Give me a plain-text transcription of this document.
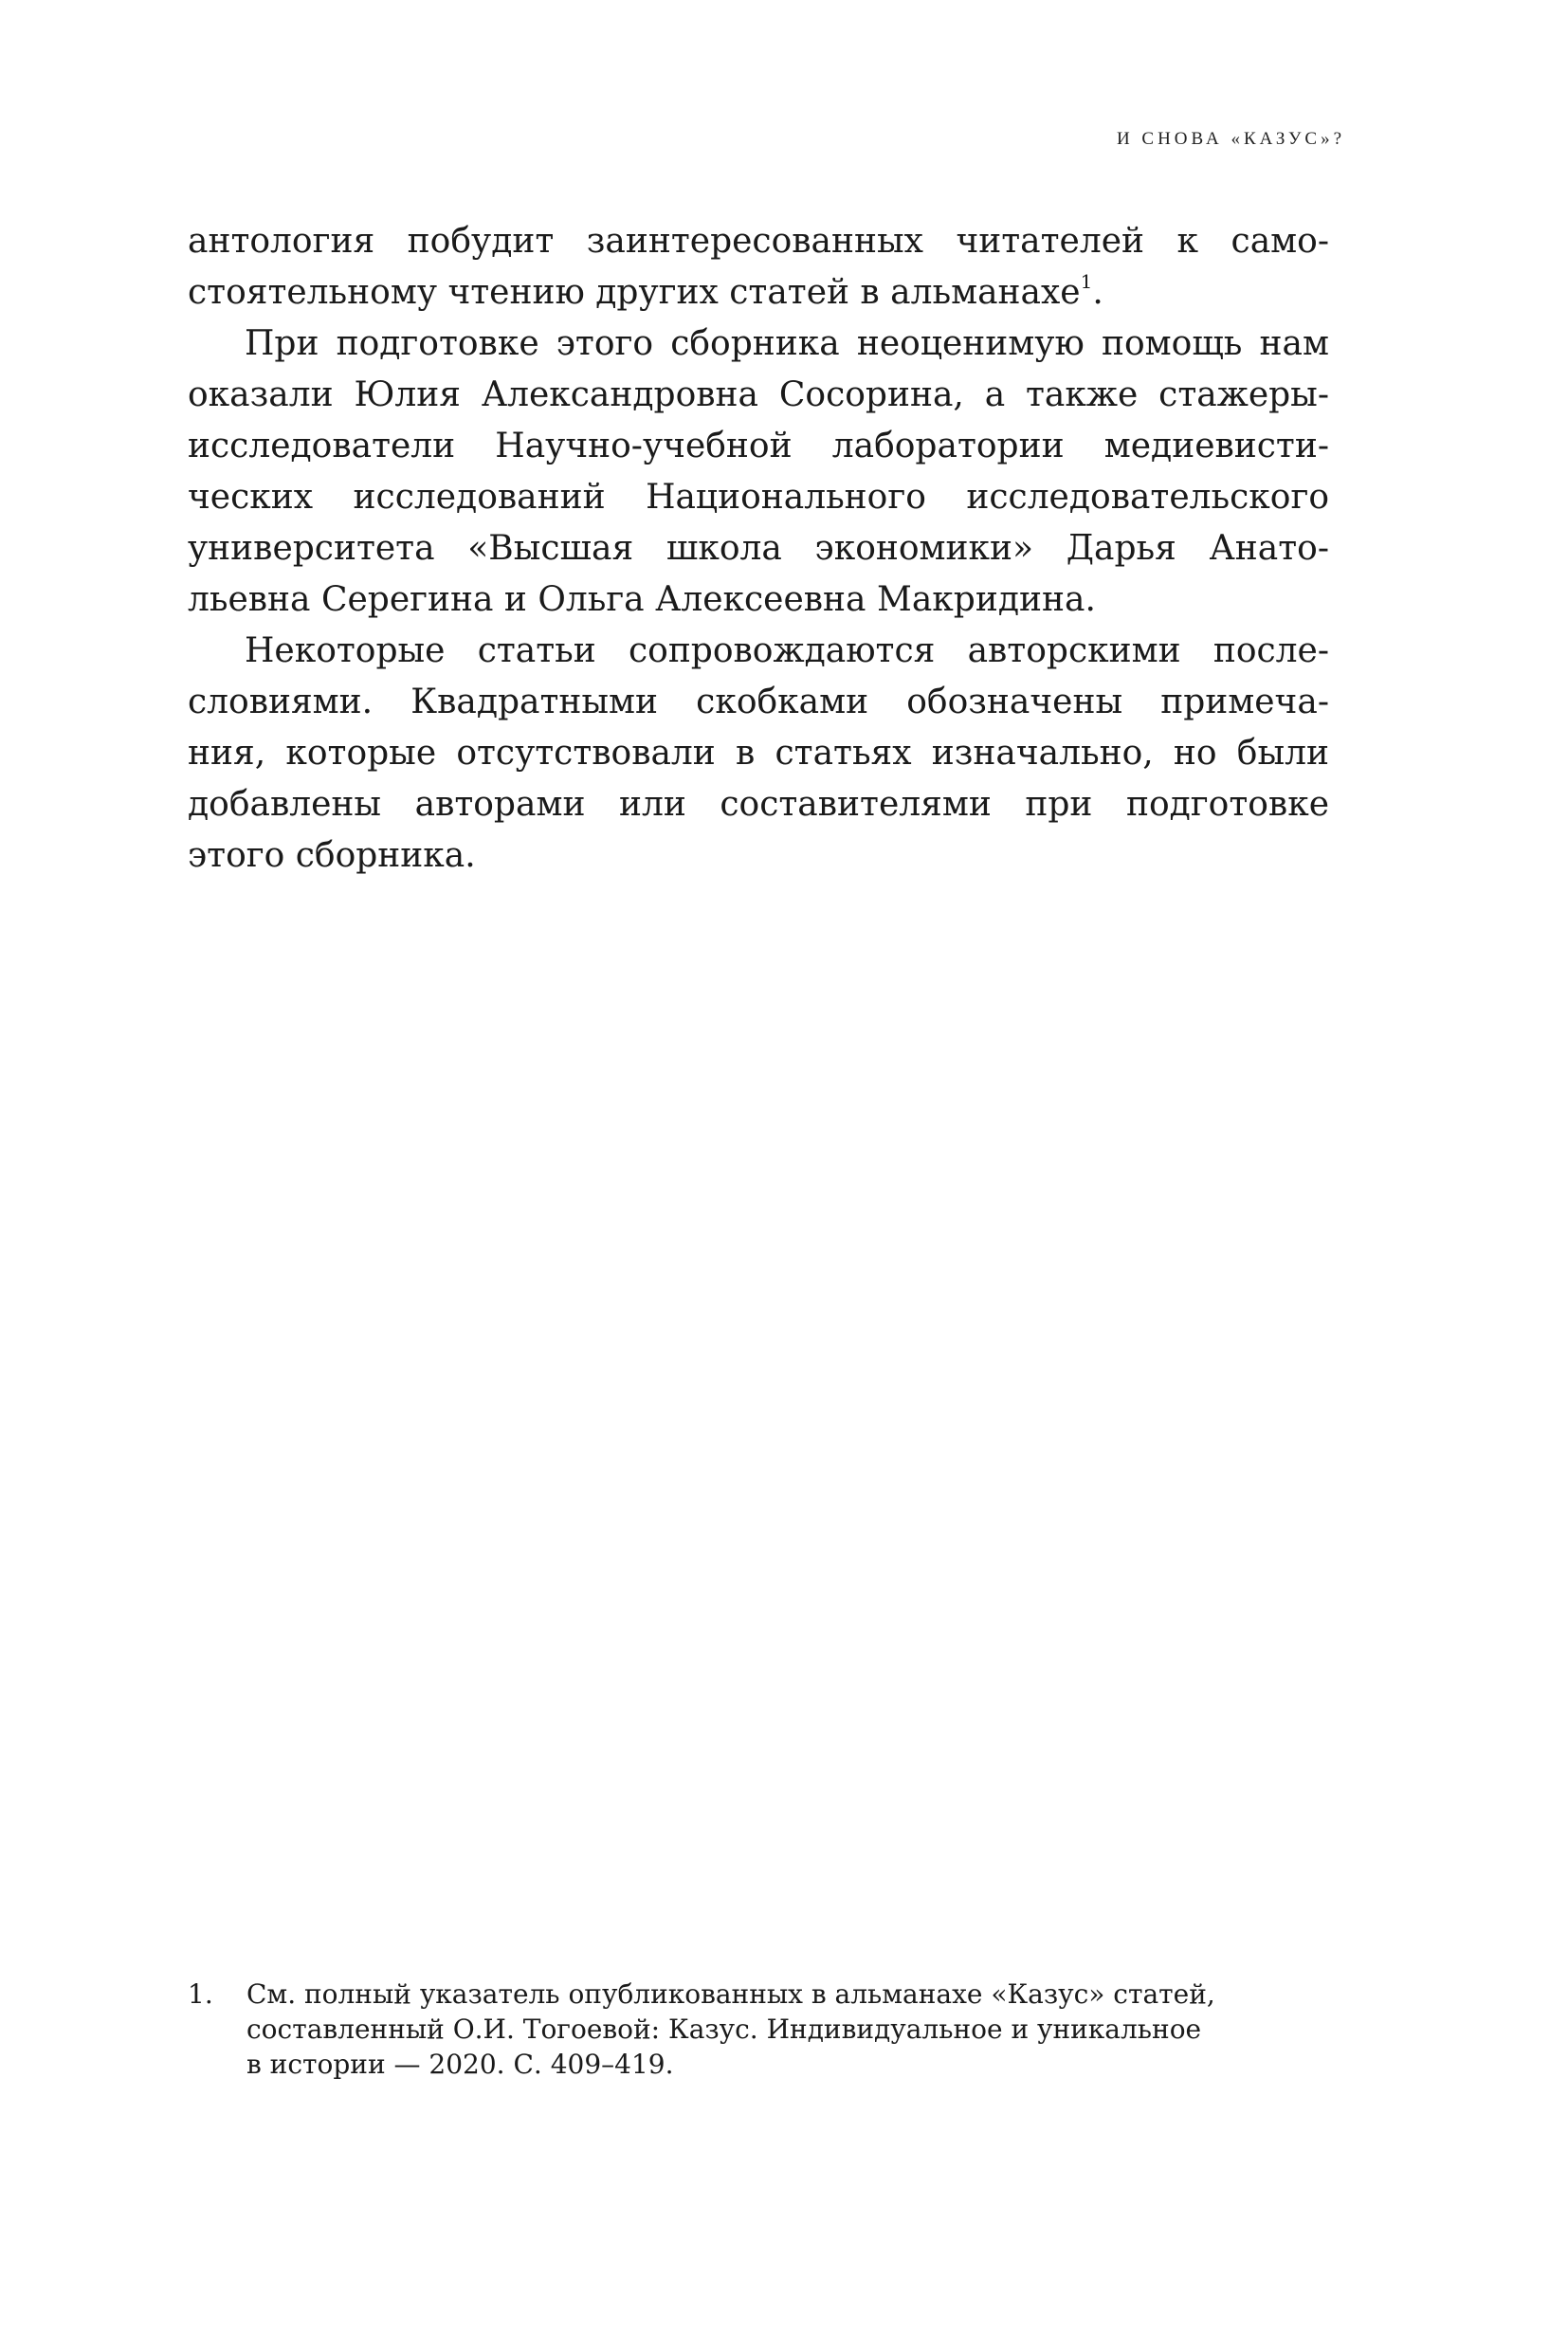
И СНОВА «КАЗУС»?
антология побудит заинтересованных читателей к само-
стоятельному чтению других статей в альманахе$^1$.
При подготовке этого сборника неоценимую помощь нам
оказали Юлия Александровна Сосорина, а также стажеры-
исследователи Научно-учебной лаборатории медиевисти-
ческих исследований Национального исследовательского
университета «Высшая школа экономики» Дарья Анато-
льевна Серегина и Ольга Алексеевна Макридина.
Некоторые статьи сопровождаются авторскими после-
словиями. Квадратными скобками обозначены примеча-
ния, которые отсутствовали в статьях изначально, но были
добавлены авторами или составителями при подготовке
этого сборника.
1.	См. полный указатель опубликованных в альманахе «Казус» статей,
составленный О.И. Тогоевой: Казус. Индивидуальное и уникальное
в истории — 2020. С. 409–419.
